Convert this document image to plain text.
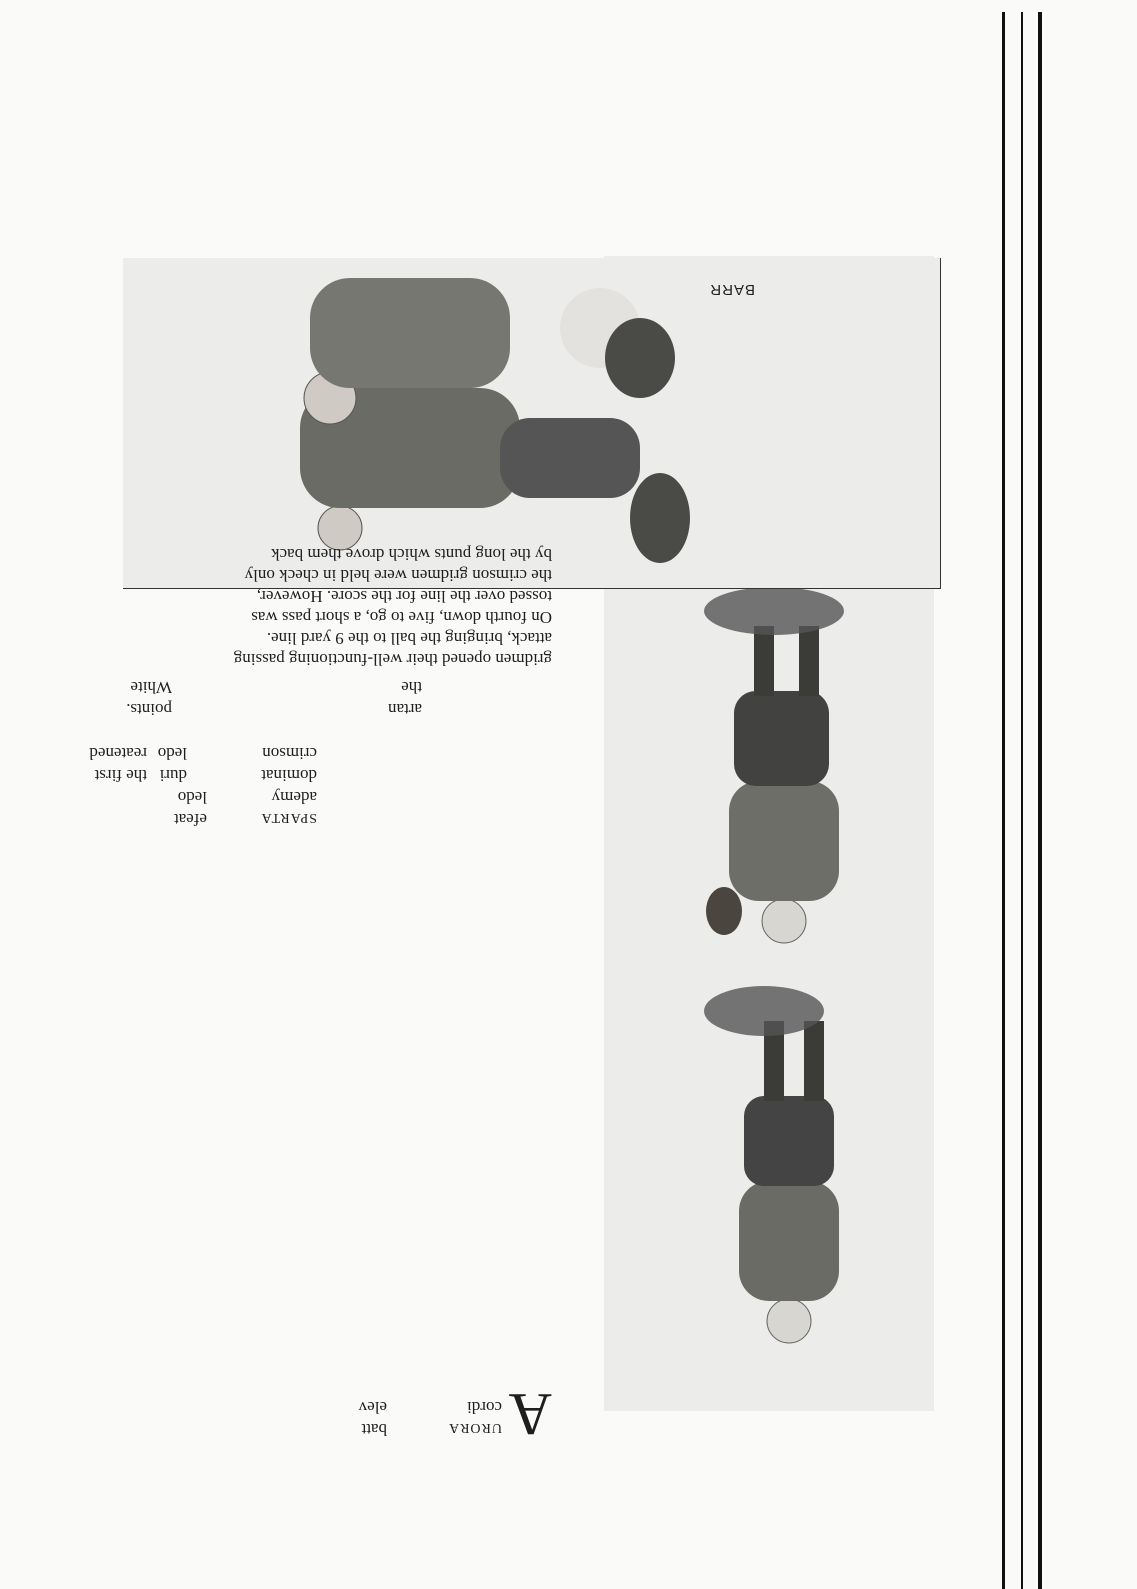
BARR
A
URORA
batt
cordi
elev
SPARTA
efeat
ademy
ledo
dominat
duri
the first
crimson
ledo
reatened
artan
points.
the
White
gridmen opened their well-functioning passing
attack, bringing the ball to the 9 yard line.
On fourth down, five to go, a short pass was
tossed over the line for the score. However,
the crimson gridmen were held in check only
by the long punts which drove them back
